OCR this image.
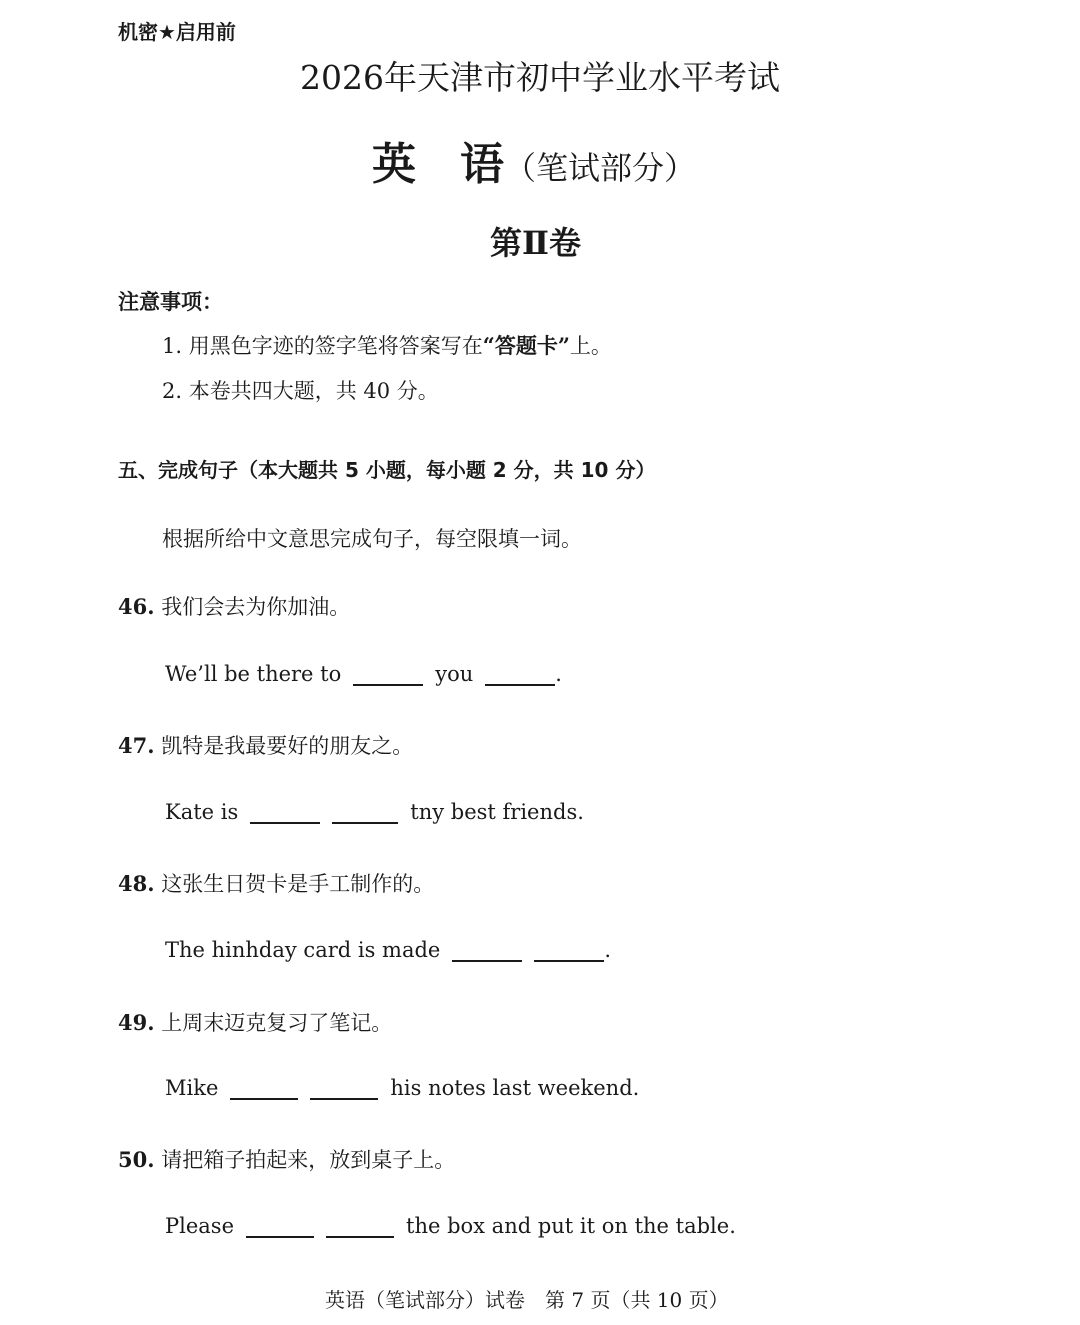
机密★启用前
2026年天津市初中学业水平考试
英　语（笔试部分）
第Ⅱ卷
注意事项：
1. 用黑色字迹的签字笔将答案写在“答题卡”上。
2. 本卷共四大题，共 40 分。
五、完成句子（本大题共 5 小题，每小题 2 分，共 10 分）
根据所给中文意思完成句子，每空限填一词。
46. 我们会去为你加油。
We’ll be there to	you	.
47. 凯特是我最要好的朋友之。
Kate is	tny best friends.
48. 这张生日贺卡是手工制作的。
The hinhday card is made	.
49. 上周末迈克复习了笔记。
Mike	his notes last weekend.
50. 请把箱子拍起来，放到桌子上。
Please	the box and put it on the table.
英语（笔试部分）试卷　第 7 页（共 10 页）
